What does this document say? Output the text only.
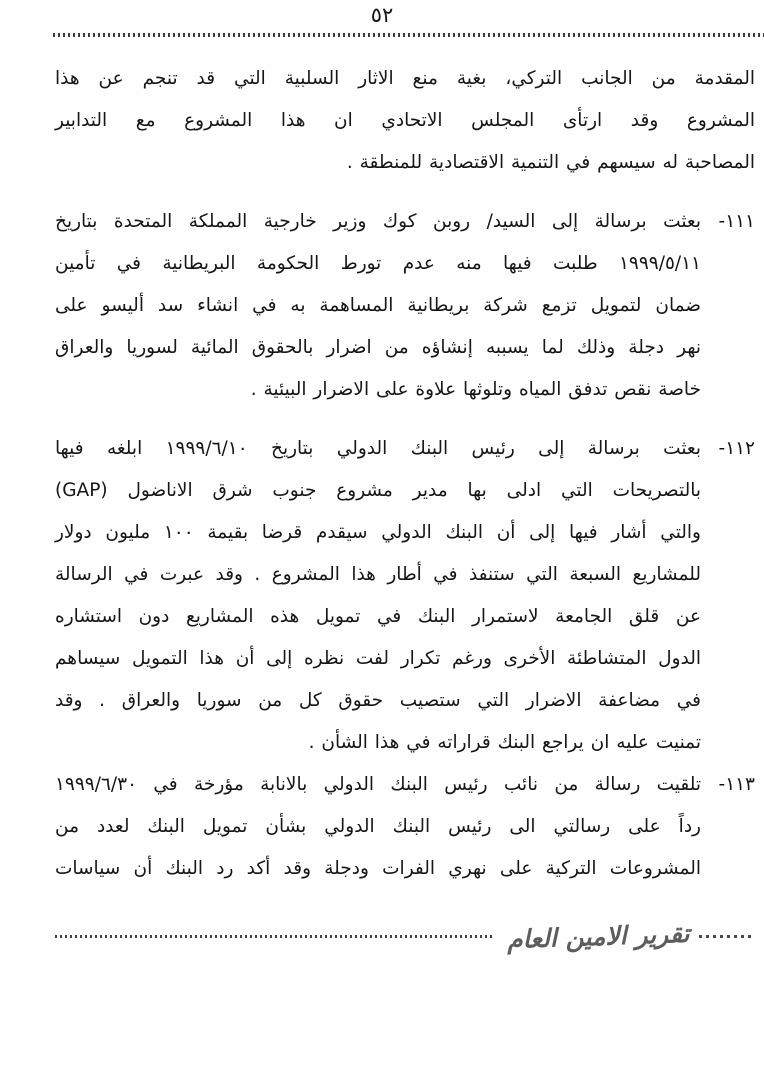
٥٢
المقدمة من الجانب التركي، بغية منع الاثار السلبية التي قد تنجم عن هذا
المشروع وقد ارتأى المجلس الاتحادي ان هذا المشروع مع التدابير
المصاحبة له سيسهم في التنمية الاقتصادية للمنطقة .
١١١-
بعثت برسالة إلى السيد/ روبن كوك وزير خارجية المملكة المتحدة بتاريخ
١٩٩٩/٥/١١ طلبت فيها منه عدم تورط الحكومة البريطانية في تأمين
ضمان لتمويل تزمع شركة بريطانية المساهمة به في انشاء سد أليسو على
نهر دجلة وذلك لما يسببه إنشاؤه من اضرار بالحقوق المائية لسوريا والعراق
خاصة نقص تدفق المياه وتلوثها علاوة على الاضرار البيئية .
١١٢-
بعثت برسالة إلى رئيس البنك الدولي بتاريخ ١٩٩٩/٦/١٠ ابلغه فيها
بالتصريحات التي ادلى بها مدير مشروع جنوب شرق الاناضول (GAP)
والتي أشار فيها إلى أن البنك الدولي سيقدم قرضا بقيمة ١٠٠ مليون دولار
للمشاريع السبعة التي ستنفذ في أطار هذا المشروع . وقد عبرت في الرسالة
عن قلق الجامعة لاستمرار البنك في تمويل هذه المشاريع دون استشاره
الدول المتشاطئة الأخرى ورغم تكرار لفت نظره إلى أن هذا التمويل سيساهم
في مضاعفة الاضرار التي ستصيب حقوق كل من سوريا والعراق . وقد
تمنيت عليه ان يراجع البنك قراراته في هذا الشأن .
١١٣-
تلقيت رسالة من نائب رئيس البنك الدولي بالانابة مؤرخة في ١٩٩٩/٦/٣٠
رداً على رسالتي الى رئيس البنك الدولي بشأن تمويل البنك لعدد من
المشروعات التركية على نهري الفرات ودجلة وقد أكد رد البنك أن سياسات
تقرير الامين العام
